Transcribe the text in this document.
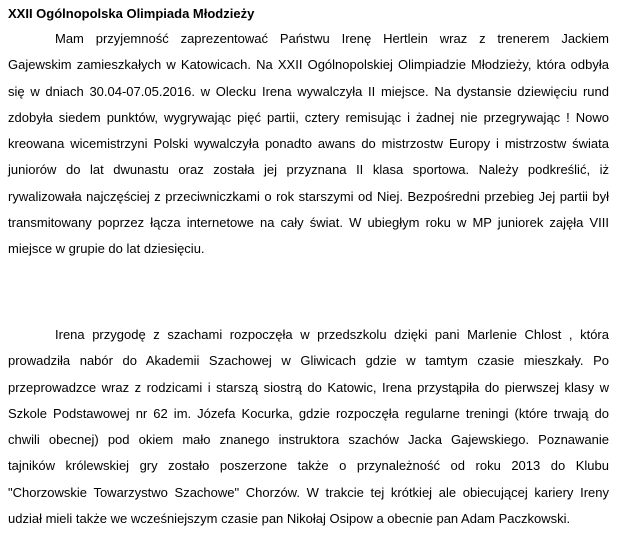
XXII Ogólnopolska Olimpiada Młodzieży
Mam przyjemność zaprezentować Państwu Irenę Hertlein wraz z trenerem Jackiem
Gajewskim zamieszkałych w Katowicach. Na XXII Ogólnopolskiej Olimpiadzie Młodzieży, która odbyła
się w dniach 30.04-07.05.2016. w Olecku Irena wywalczyła II miejsce. Na dystansie dziewięciu rund
zdobyła siedem punktów, wygrywając pięć partii, cztery remisując i żadnej nie przegrywając ! Nowo
kreowana wicemistrzyni Polski wywalczyła ponadto awans do mistrzostw Europy i mistrzostw świata
juniorów do lat dwunastu oraz została jej przyznana II klasa sportowa. Należy podkreślić, iż
rywalizowała najczęściej z przeciwniczkami o rok starszymi od Niej. Bezpośredni przebieg Jej partii był
transmitowany poprzez łącza internetowe na cały świat. W ubiegłym roku w MP juniorek zajęła VIII
miejsce w grupie do lat dziesięciu.
Irena przygodę z szachami rozpoczęła w przedszkolu dzięki pani Marlenie Chlost , która
prowadziła nabór do Akademii Szachowej w Gliwicach gdzie w tamtym czasie mieszkały. Po
przeprowadzce wraz z rodzicami i starszą siostrą do Katowic, Irena przystąpiła do pierwszej klasy w
Szkole Podstawowej nr 62 im. Józefa Kocurka, gdzie rozpoczęła regularne treningi (które trwają do
chwili obecnej) pod okiem mało znanego instruktora szachów Jacka Gajewskiego. Poznawanie
tajników królewskiej gry zostało poszerzone także o przynależność od roku 2013 do Klubu
"Chorzowskie Towarzystwo Szachowe" Chorzów. W trakcie tej krótkiej ale obiecującej kariery Ireny
udział mieli także we wcześniejszym czasie pan Nikołaj Osipow a obecnie pan Adam Paczkowski.
